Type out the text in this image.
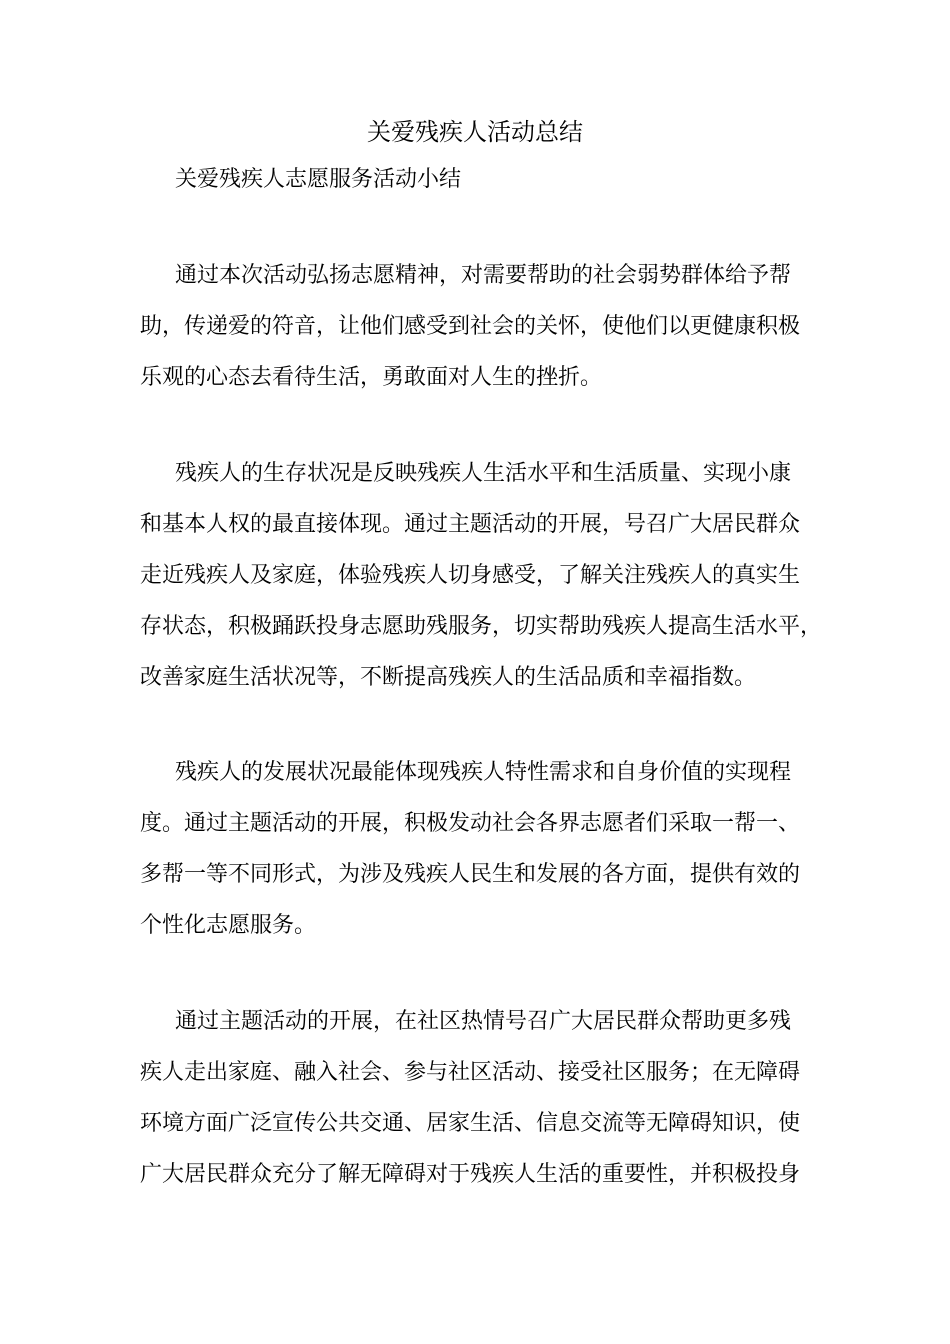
关爱残疾人活动总结

关爱残疾人志愿服务活动小结

通过本次活动弘扬志愿精神，对需要帮助的社会弱势群体给予帮
助，传递爱的符音，让他们感受到社会的关怀，使他们以更健康积极
乐观的心态去看待生活，勇敢面对人生的挫折。
残疾人的生存状况是反映残疾人生活水平和生活质量、实现小康
和基本人权的最直接体现。通过主题活动的开展，号召广大居民群众
走近残疾人及家庭，体验残疾人切身感受，了解关注残疾人的真实生
存状态，积极踊跃投身志愿助残服务，切实帮助残疾人提高生活水平，
改善家庭生活状况等，不断提高残疾人的生活品质和幸福指数。
残疾人的发展状况最能体现残疾人特性需求和自身价值的实现程
度。通过主题活动的开展，积极发动社会各界志愿者们采取一帮一、
多帮一等不同形式，为涉及残疾人民生和发展的各方面，提供有效的
个性化志愿服务。
通过主题活动的开展，在社区热情号召广大居民群众帮助更多残
疾人走出家庭、融入社会、参与社区活动、接受社区服务；在无障碍
环境方面广泛宣传公共交通、居家生活、信息交流等无障碍知识，使
广大居民群众充分了解无障碍对于残疾人生活的重要性，并积极投身
